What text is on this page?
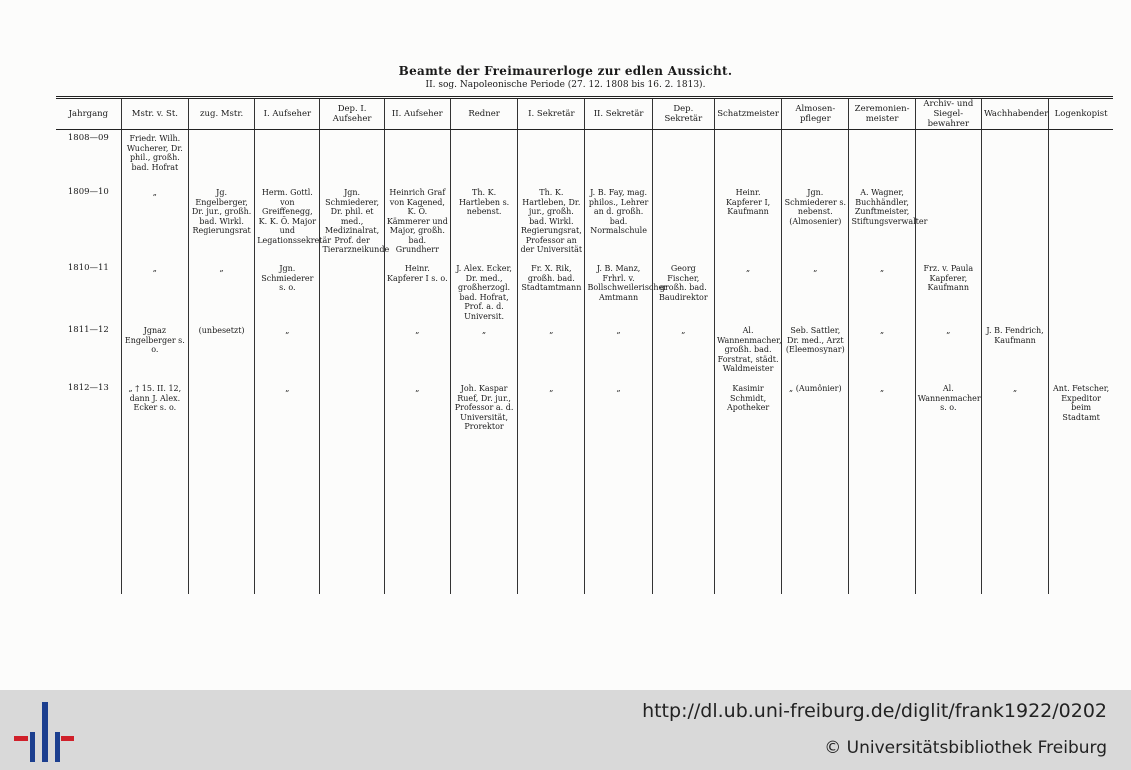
Beamte der Freimaurerloge zur edlen Aussicht.
II. sog. Napoleonische Periode (27. 12. 1808 bis 16. 2. 1813).
Jahrgang	Mstr. v. St.	zug. Mstr.	I. Aufseher	Dep. I. Aufseher	II. Aufseher	Redner	I. Sekretär	II. Sekretär	Dep. Sekretär	Schatzmeister	Almosen-pfleger	Zeremonien-meister	Archiv- und Siegel-bewahrer	Wachhabender	Logenkopist
1808—09	Friedr. Wilh. Wucherer, Dr. phil., großh. bad. Hofrat														
1809—10	„	Jg. Engelberger, Dr. jur., großh. bad. Wirkl. Regierungsrat	Herm. Gottl. von Greiffenegg, K. K. Ö. Major und Legationssekretär	Jgn. Schmiederer, Dr. phil. et med., Medizinalrat, Prof. der Tierarzneikunde	Heinrich Graf von Kagened, K. Ö. Kämmerer und Major, großh. bad. Grundherr	Th. K. Hartleben s. nebenst.	Th. K. Hartleben, Dr. jur., großh. bad. Wirkl. Regierungsrat, Professor an der Universität	J. B. Fay, mag. philos., Lehrer an d. großh. bad. Normalschule		Heinr. Kapferer I, Kaufmann	Jgn. Schmiederer s. nebenst. (Almosenier)	A. Wagner, Buchhändler, Zunftmeister, Stiftungsverwalter			
1810—11	„	„	Jgn. Schmiederer s. o.		Heinr. Kapferer I s. o.	J. Alex. Ecker, Dr. med., großherzogl. bad. Hofrat, Prof. a. d. Universit.	Fr. X. Rik, großh. bad. Stadtamtmann	J. B. Manz, Frhrl. v. Bollschweilerischer Amtmann	Georg Fischer, großh. bad. Baudirektor	„	„	„	Frz. v. Paula Kapferer, Kaufmann		
1811—12	Jgnaz Engelberger s. o.	(unbesetzt)	„		„	„	„	„	„	Al. Wannenmacher, großh. bad. Forstrat, städt. Waldmeister	Seb. Sattler, Dr. med., Arzt (Eleemosynar)	„	„	J. B. Fendrich, Kaufmann	
1812—13	„ † 15. II. 12, dann J. Alex. Ecker s. o.		„		„	Joh. Kaspar Ruef, Dr. jur., Professor a. d. Universität, Prorektor	„	„		Kasimir Schmidt, Apotheker	„ (Aumônier)	„	Al. Wannenmacher s. o.	„	Ant. Fetscher, Expeditor beim Stadtamt
http://dl.ub.uni-freiburg.de/diglit/frank1922/0202
© Universitätsbibliothek Freiburg
